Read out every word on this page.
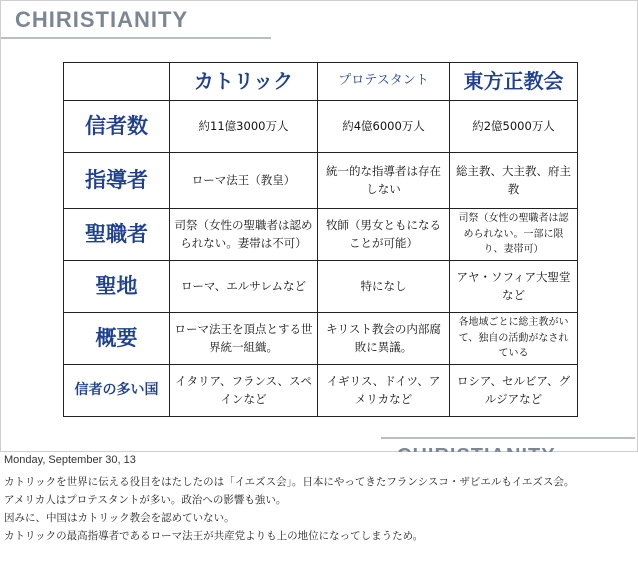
CHIRISTIANITY
	カトリック	プロテスタント	東方正教会
信者数	約11億3000万人	約4億6000万人	約2億5000万人
指導者	ローマ法王（教皇）	統一的な指導者は存在しない	総主教、大主教、府主教
聖職者	司祭（女性の聖職者は認められない。妻帯は不可）	牧師（男女ともになることが可能）	司祭（女性の聖職者は認められない。一部に限り、妻帯可）
聖地	ローマ、エルサレムなど	特になし	アヤ・ソフィア大聖堂など
概要	ローマ法王を頂点とする世界統一組織。	キリスト教会の内部腐敗に異議。	各地域ごとに総主教がいて、独自の活動がなされている
信者の多い国	イタリア、フランス、スペインなど	イギリス、ドイツ、アメリカなど	ロシア、セルビア、グルジアなど
Monday, September 30, 13
カトリックを世界に伝える役目をはたしたのは「イエズス会」。日本にやってきたフランシスコ・ザビエルもイエズス会。
アメリカ人はプロテスタントが多い。政治への影響も強い。
因みに、中国はカトリック教会を認めていない。
カトリックの最高指導者であるローマ法王が共産党よりも上の地位になってしまうため。
